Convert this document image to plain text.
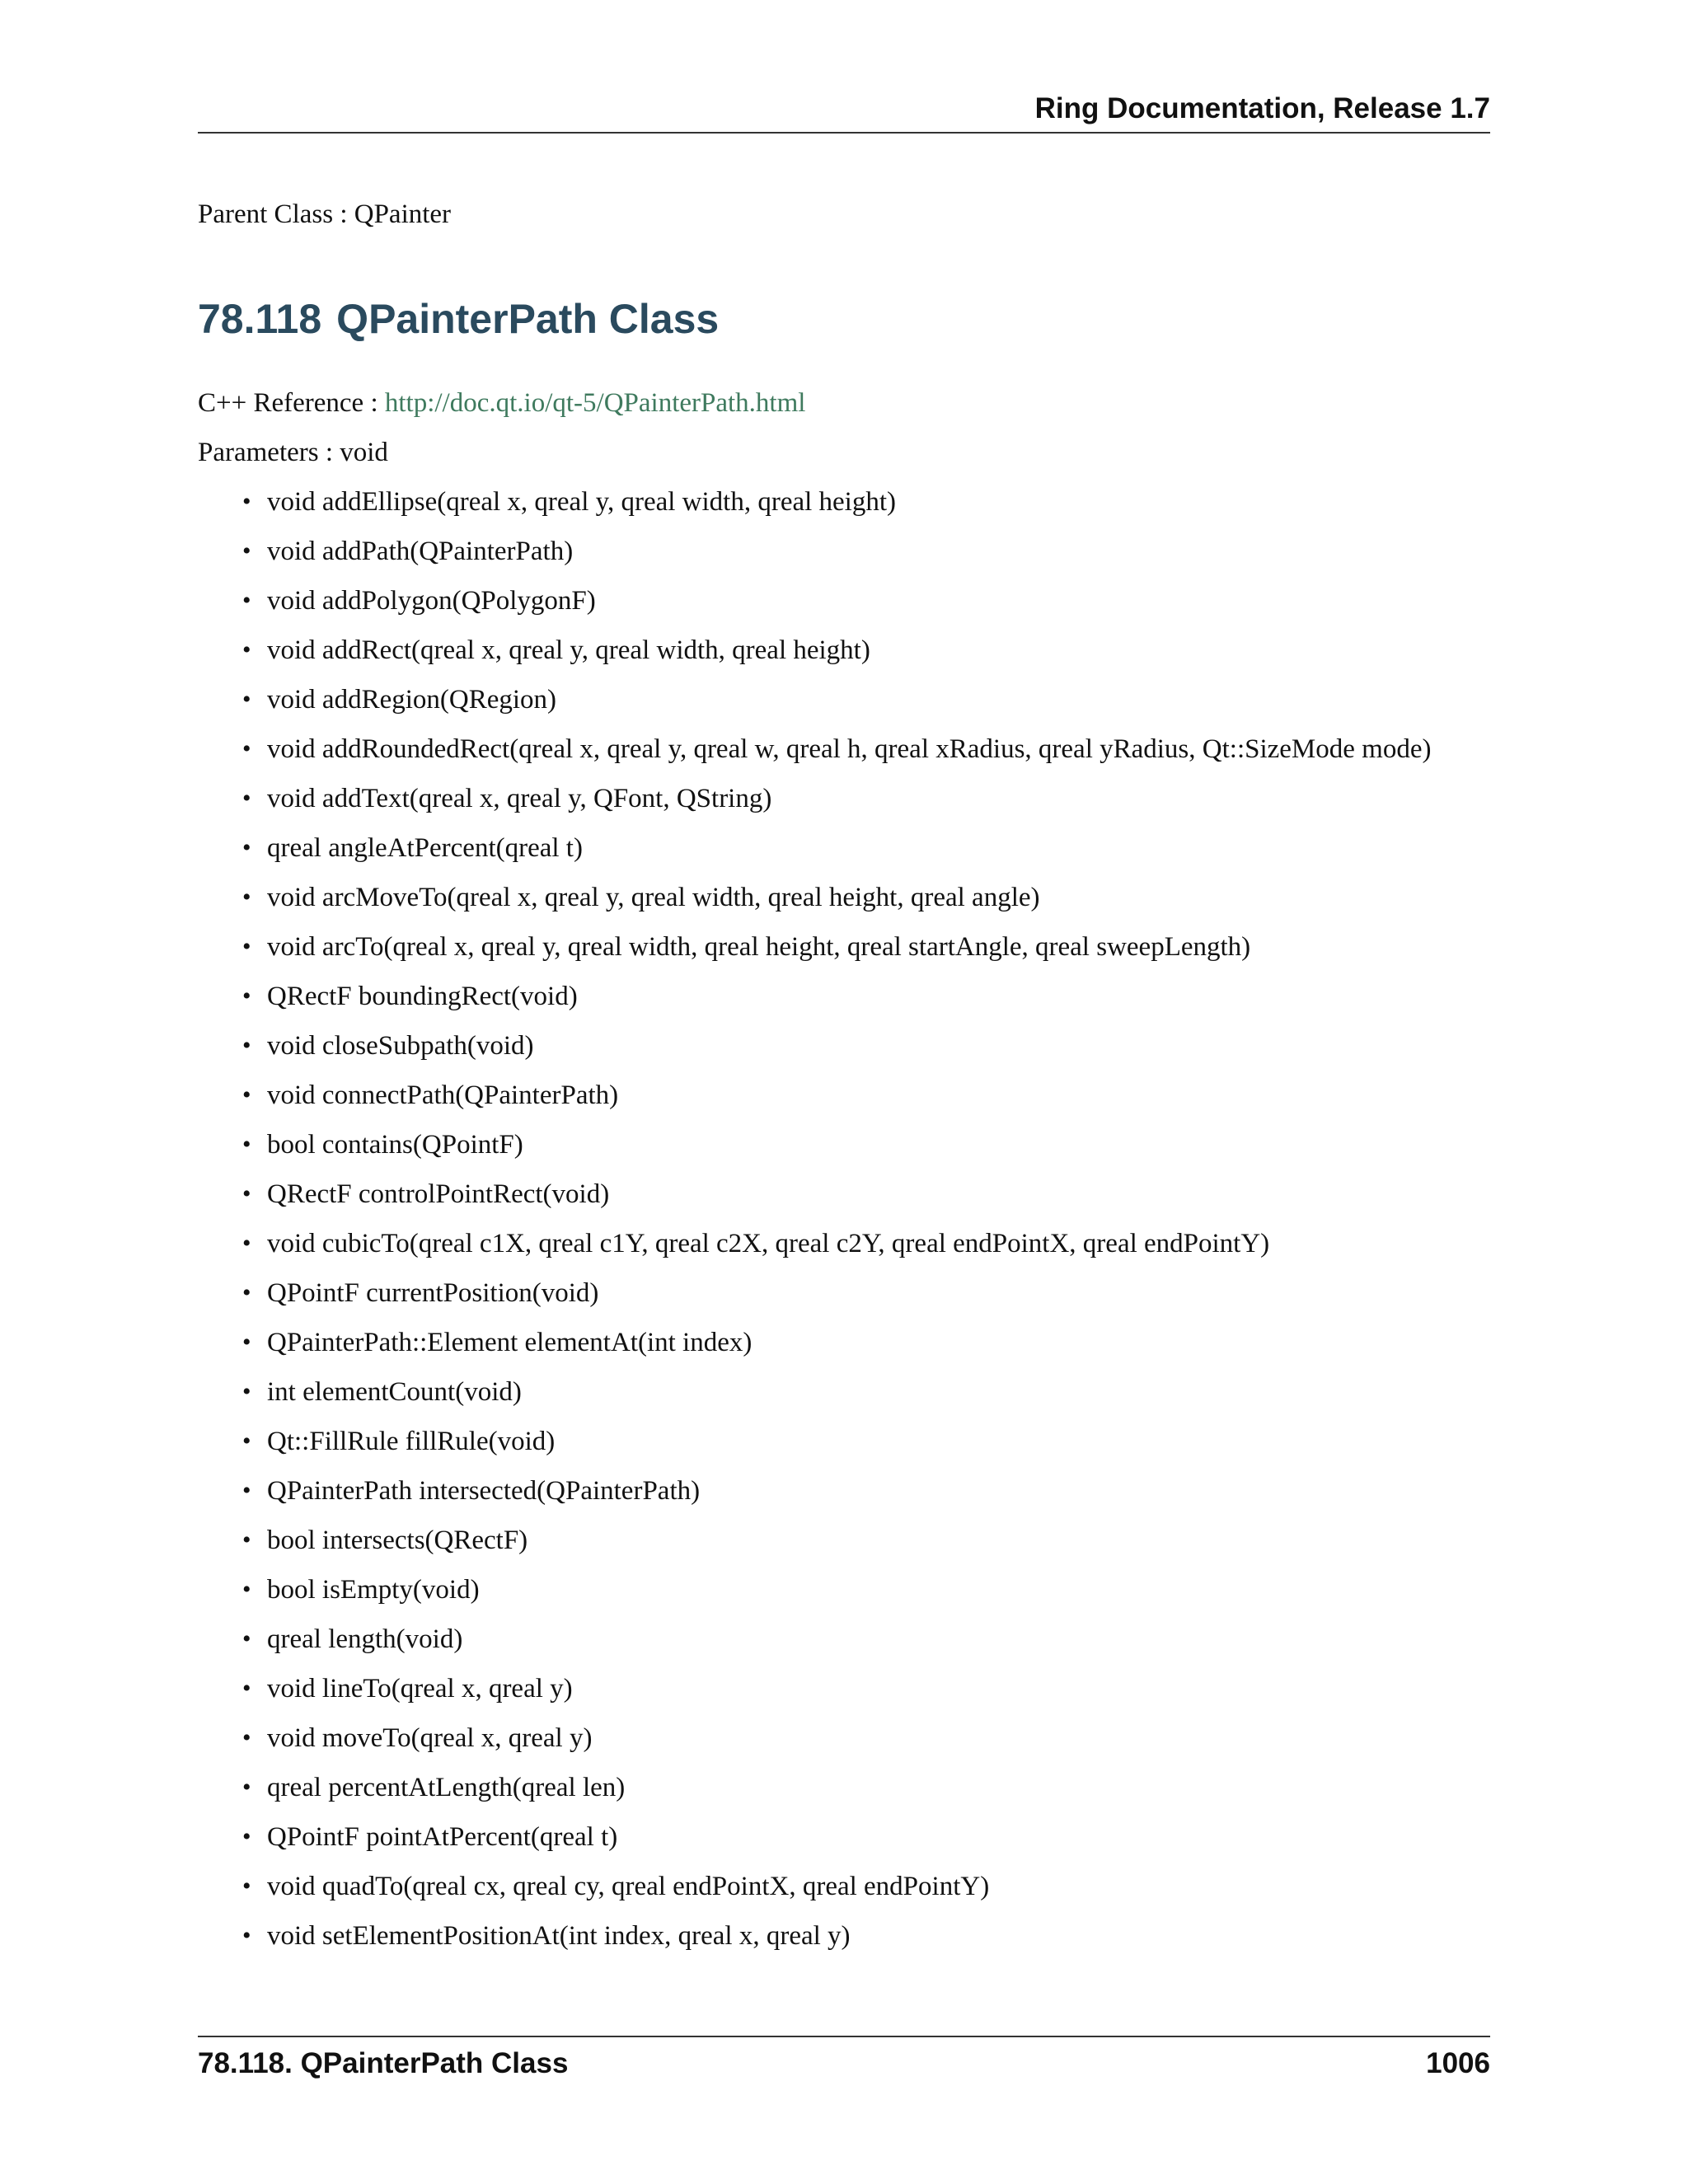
Ring Documentation, Release 1.7
Parent Class : QPainter
78.118 QPainterPath Class
C++ Reference : http://doc.qt.io/qt-5/QPainterPath.html
Parameters : void
• void addEllipse(qreal x, qreal y, qreal width, qreal height)
• void addPath(QPainterPath)
• void addPolygon(QPolygonF)
• void addRect(qreal x, qreal y, qreal width, qreal height)
• void addRegion(QRegion)
• void addRoundedRect(qreal x, qreal y, qreal w, qreal h, qreal xRadius, qreal yRadius, Qt::SizeMode mode)
• void addText(qreal x, qreal y, QFont, QString)
• qreal angleAtPercent(qreal t)
• void arcMoveTo(qreal x, qreal y, qreal width, qreal height, qreal angle)
• void arcTo(qreal x, qreal y, qreal width, qreal height, qreal startAngle, qreal sweepLength)
• QRectF boundingRect(void)
• void closeSubpath(void)
• void connectPath(QPainterPath)
• bool contains(QPointF)
• QRectF controlPointRect(void)
• void cubicTo(qreal c1X, qreal c1Y, qreal c2X, qreal c2Y, qreal endPointX, qreal endPointY)
• QPointF currentPosition(void)
• QPainterPath::Element elementAt(int index)
• int elementCount(void)
• Qt::FillRule fillRule(void)
• QPainterPath intersected(QPainterPath)
• bool intersects(QRectF)
• bool isEmpty(void)
• qreal length(void)
• void lineTo(qreal x, qreal y)
• void moveTo(qreal x, qreal y)
• qreal percentAtLength(qreal len)
• QPointF pointAtPercent(qreal t)
• void quadTo(qreal cx, qreal cy, qreal endPointX, qreal endPointY)
• void setElementPositionAt(int index, qreal x, qreal y)
78.118. QPainterPath Class	1006
